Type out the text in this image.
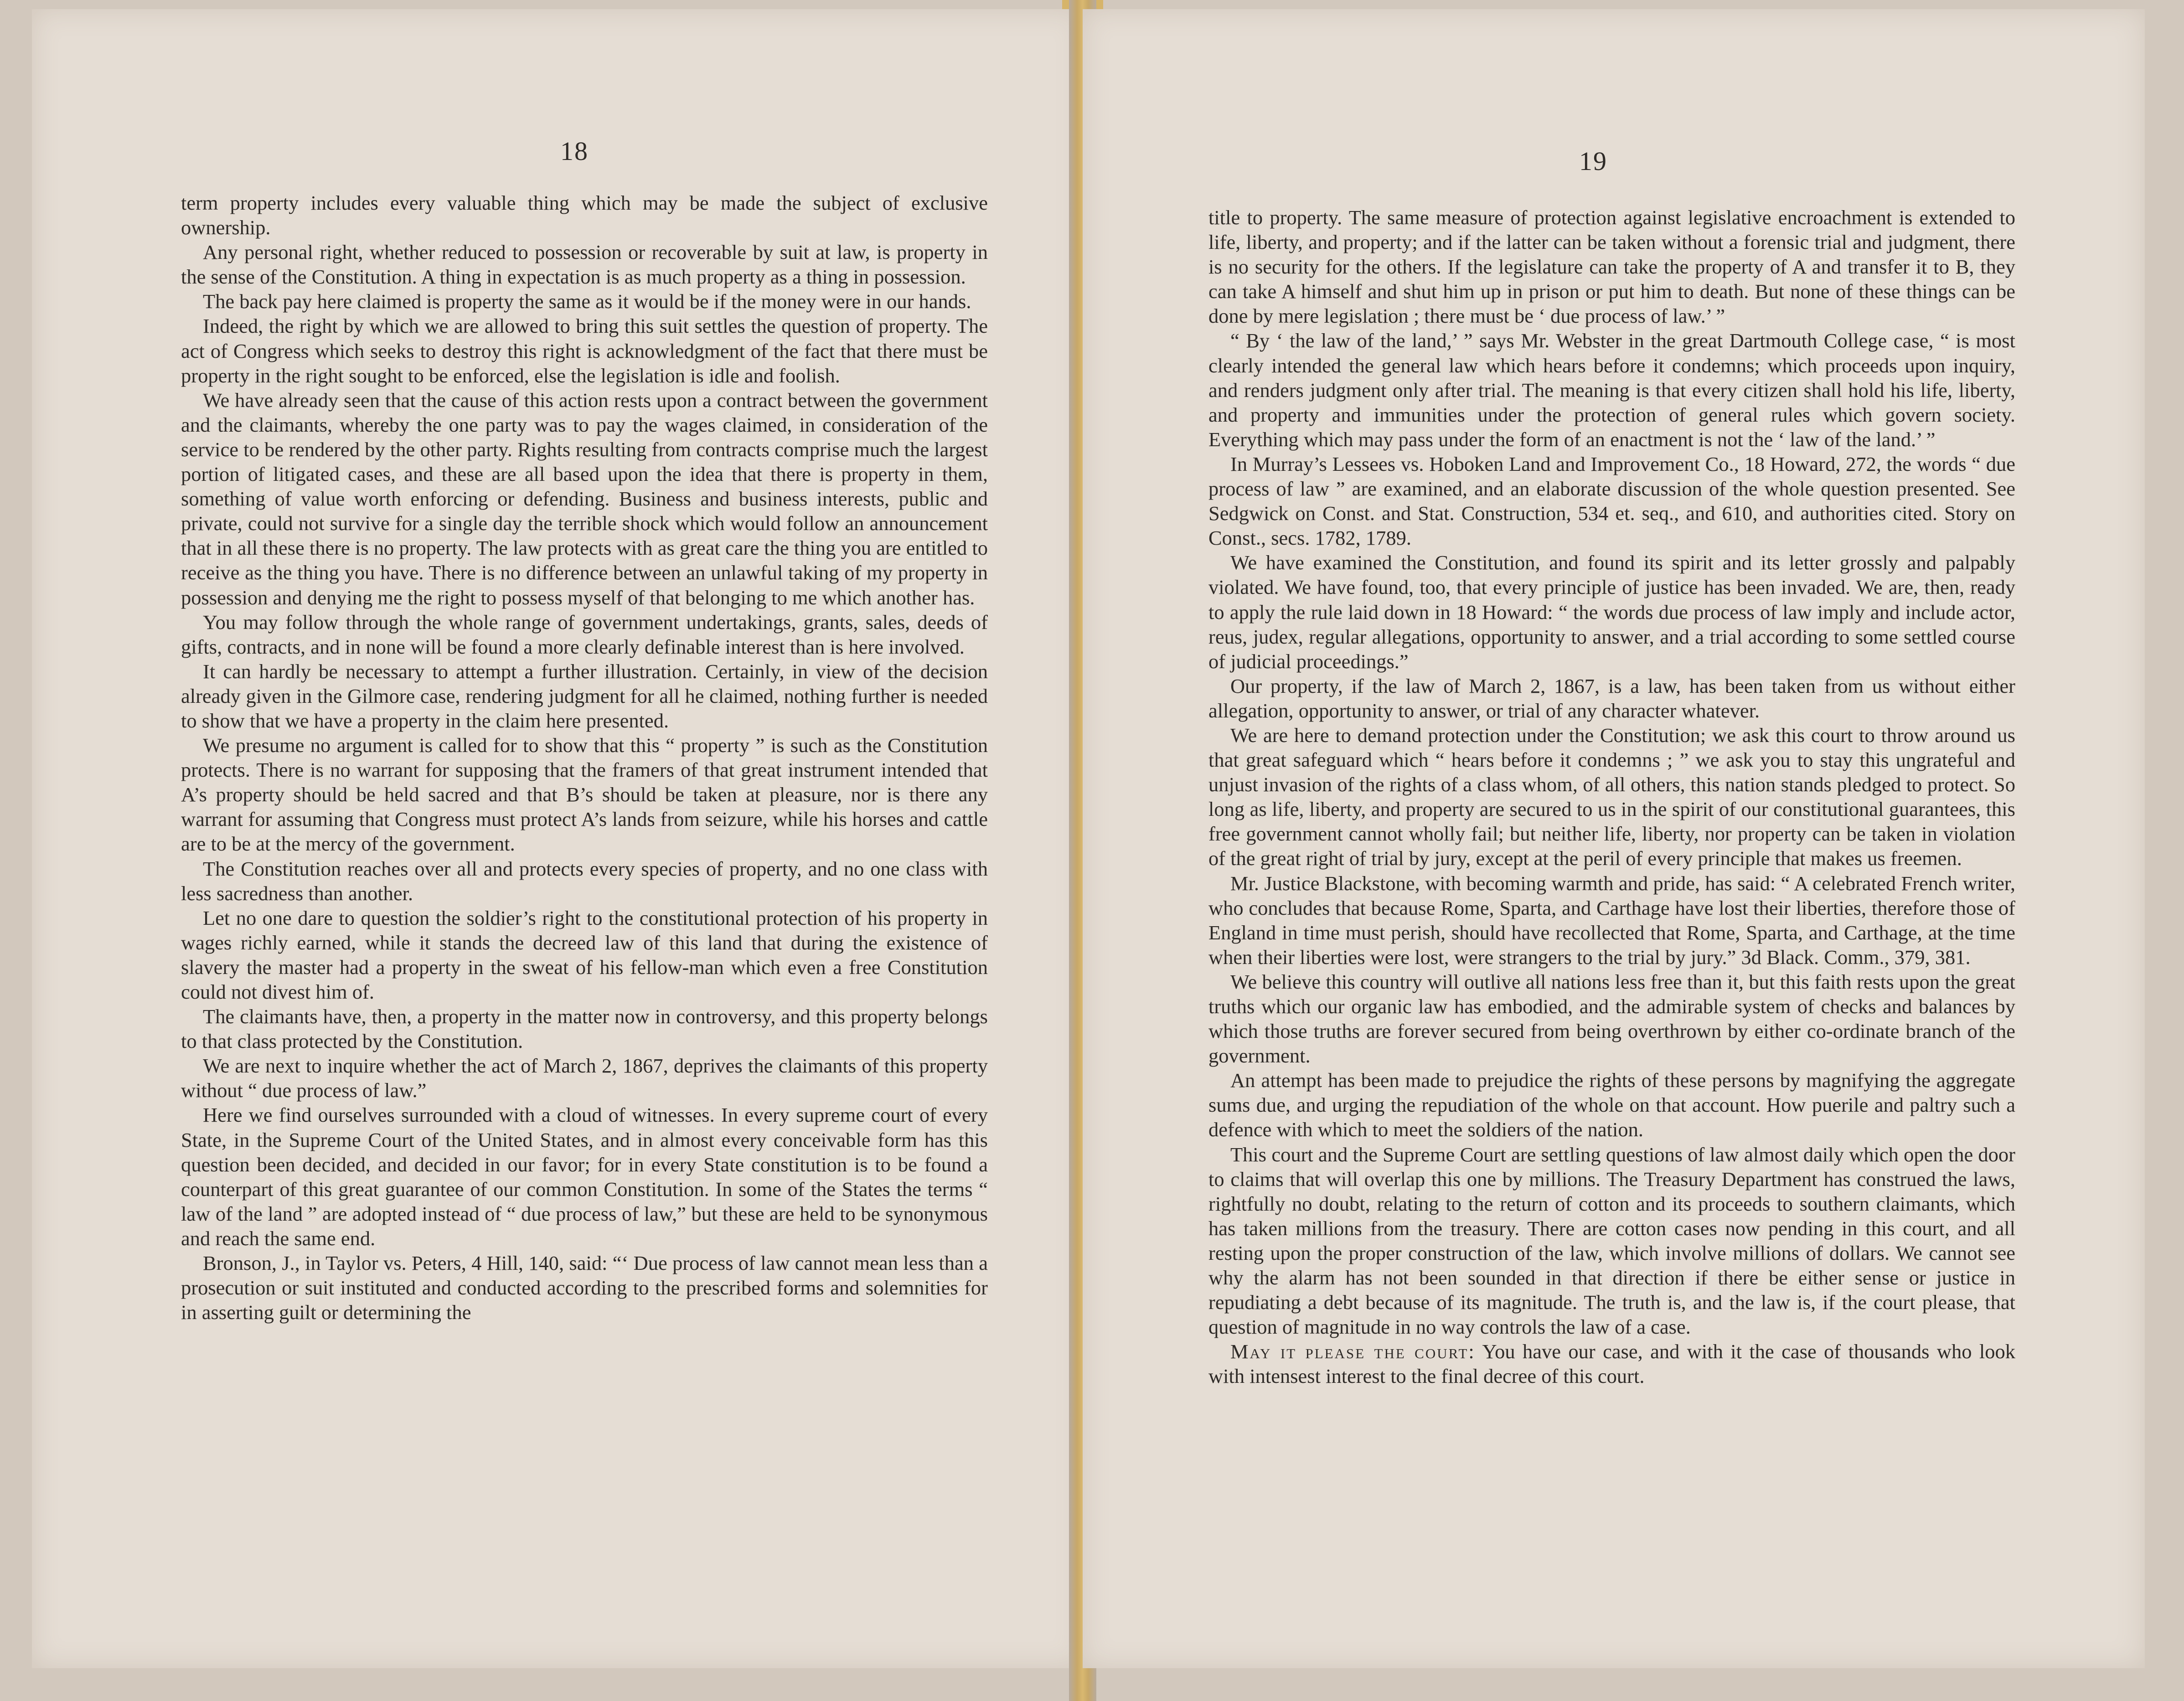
18

term property includes every valuable thing which may be made the subject of exclusive ownership.

Any personal right, whether reduced to possession or recoverable by suit at law, is property in the sense of the Constitution. A thing in expectation is as much property as a thing in possession.

The back pay here claimed is property the same as it would be if the money were in our hands.

Indeed, the right by which we are allowed to bring this suit settles the question of property. The act of Congress which seeks to destroy this right is acknowledgment of the fact that there must be property in the right sought to be enforced, else the legislation is idle and foolish.

We have already seen that the cause of this action rests upon a contract between the government and the claimants, whereby the one party was to pay the wages claimed, in consideration of the service to be rendered by the other party. Rights resulting from contracts comprise much the largest portion of litigated cases, and these are all based upon the idea that there is property in them, something of value worth enforcing or defending. Business and business interests, public and private, could not survive for a single day the terrible shock which would follow an announcement that in all these there is no property. The law protects with as great care the thing you are entitled to receive as the thing you have. There is no difference between an unlawful taking of my property in possession and denying me the right to possess myself of that belonging to me which another has.

You may follow through the whole range of government undertakings, grants, sales, deeds of gifts, contracts, and in none will be found a more clearly definable interest than is here involved.

It can hardly be necessary to attempt a further illustration. Certainly, in view of the decision already given in the Gilmore case, rendering judgment for all he claimed, nothing further is needed to show that we have a property in the claim here presented.

We presume no argument is called for to show that this “ property ” is such as the Constitution protects. There is no warrant for supposing that the framers of that great instrument intended that A’s property should be held sacred and that B’s should be taken at pleasure, nor is there any warrant for assuming that Congress must protect A’s lands from seizure, while his horses and cattle are to be at the mercy of the government.

The Constitution reaches over all and protects every species of property, and no one class with less sacredness than another.

Let no one dare to question the soldier’s right to the constitutional protection of his property in wages richly earned, while it stands the decreed law of this land that during the existence of slavery the master had a property in the sweat of his fellow-man which even a free Constitution could not divest him of.

The claimants have, then, a property in the matter now in controversy, and this property belongs to that class protected by the Constitution.

We are next to inquire whether the act of March 2, 1867, deprives the claimants of this property without “ due process of law.”

Here we find ourselves surrounded with a cloud of witnesses. In every supreme court of every State, in the Supreme Court of the United States, and in almost every conceivable form has this question been decided, and decided in our favor; for in every State constitution is to be found a counterpart of this great guarantee of our common Constitution. In some of the States the terms “ law of the land ” are adopted instead of “ due process of law,” but these are held to be synonymous and reach the same end.

Bronson, J., in Taylor vs. Peters, 4 Hill, 140, said: “‘ Due process of law cannot mean less than a prosecution or suit instituted and conducted according to the prescribed forms and solemnities for in asserting guilt or determining the

19

title to property. The same measure of protection against legislative encroachment is extended to life, liberty, and property; and if the latter can be taken without a forensic trial and judgment, there is no security for the others. If the legislature can take the property of A and transfer it to B, they can take A himself and shut him up in prison or put him to death. But none of these things can be done by mere legislation ; there must be ‘ due process of law.’ ”

“ By ‘ the law of the land,’ ” says Mr. Webster in the great Dartmouth College case, “ is most clearly intended the general law which hears before it condemns; which proceeds upon inquiry, and renders judgment only after trial. The meaning is that every citizen shall hold his life, liberty, and property and immunities under the protection of general rules which govern society. Everything which may pass under the form of an enactment is not the ‘ law of the land.’ ”

In Murray’s Lessees vs. Hoboken Land and Improvement Co., 18 Howard, 272, the words “ due process of law ” are examined, and an elaborate discussion of the whole question presented. See Sedgwick on Const. and Stat. Construction, 534 et. seq., and 610, and authorities cited. Story on Const., secs. 1782, 1789.

We have examined the Constitution, and found its spirit and its letter grossly and palpably violated. We have found, too, that every principle of justice has been invaded. We are, then, ready to apply the rule laid down in 18 Howard: “ the words due process of law imply and include actor, reus, judex, regular allegations, opportunity to answer, and a trial according to some settled course of judicial proceedings.”

Our property, if the law of March 2, 1867, is a law, has been taken from us without either allegation, opportunity to answer, or trial of any character whatever.

We are here to demand protection under the Constitution; we ask this court to throw around us that great safeguard which “ hears before it condemns ; ” we ask you to stay this ungrateful and unjust invasion of the rights of a class whom, of all others, this nation stands pledged to protect. So long as life, liberty, and property are secured to us in the spirit of our constitutional guarantees, this free government cannot wholly fail; but neither life, liberty, nor property can be taken in violation of the great right of trial by jury, except at the peril of every principle that makes us freemen.

Mr. Justice Blackstone, with becoming warmth and pride, has said: “ A celebrated French writer, who concludes that because Rome, Sparta, and Carthage have lost their liberties, therefore those of England in time must perish, should have recollected that Rome, Sparta, and Carthage, at the time when their liberties were lost, were strangers to the trial by jury.” 3d Black. Comm., 379, 381.

We believe this country will outlive all nations less free than it, but this faith rests upon the great truths which our organic law has embodied, and the admirable system of checks and balances by which those truths are forever secured from being overthrown by either co-ordinate branch of the government.

An attempt has been made to prejudice the rights of these persons by magnifying the aggregate sums due, and urging the repudiation of the whole on that account. How puerile and paltry such a defence with which to meet the soldiers of the nation.

This court and the Supreme Court are settling questions of law almost daily which open the door to claims that will overlap this one by millions. The Treasury Department has construed the laws, rightfully no doubt, relating to the return of cotton and its proceeds to southern claimants, which has taken millions from the treasury. There are cotton cases now pending in this court, and all resting upon the proper construction of the law, which involve millions of dollars. We cannot see why the alarm has not been sounded in that direction if there be either sense or justice in repudiating a debt because of its magnitude. The truth is, and the law is, if the court please, that question of magnitude in no way controls the law of a case.

May it please the court: You have our case, and with it the case of thousands who look with intensest interest to the final decree of this court.
